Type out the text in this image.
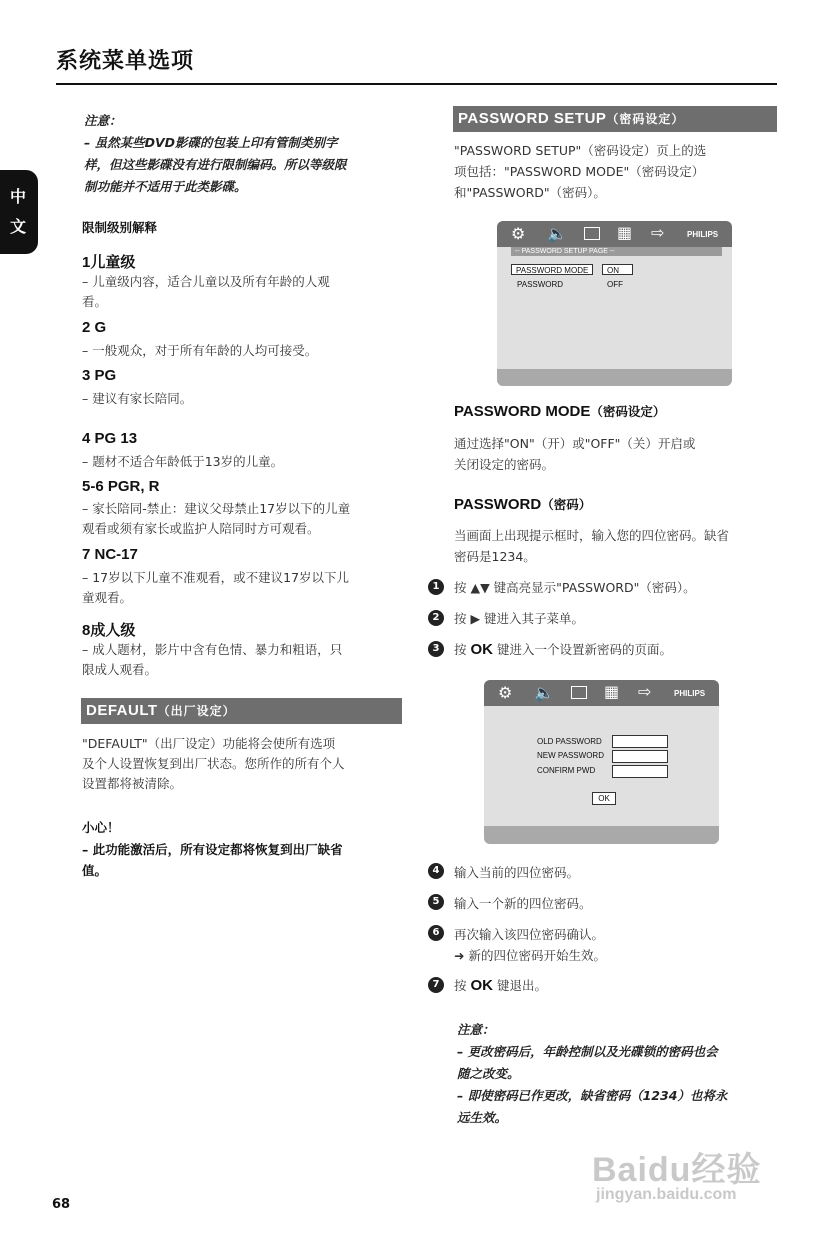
系统菜单选项
中
文
注意：
– 虽然某些DVD影碟的包装上印有管制类别字
样，但这些影碟没有进行限制编码。所以等级限
制功能并不适用于此类影碟。
限制级别解释
1儿童级
– 儿童级内容，适合儿童以及所有年龄的人观
看。
2 G
– 一般观众，对于所有年龄的人均可接受。
3 PG
– 建议有家长陪同。
4 PG 13
– 题材不适合年龄低于13岁的儿童。
5-6 PGR, R
– 家长陪同-禁止：建议父母禁止17岁以下的儿童
观看或须有家长或监护人陪同时方可观看。
7 NC-17
– 17岁以下儿童不准观看，或不建议17岁以下儿
童观看。
8成人级
– 成人题材，影片中含有色情、暴力和粗语，只
限成人观看。
DEFAULT（出厂设定）
"DEFAULT"（出厂设定）功能将会使所有选项
及个人设置恢复到出厂状态。您所作的所有个人
设置都将被清除。
小心！
– 此功能激活后，所有设定都将恢复到出厂缺省
值。
PASSWORD SETUP（密码设定）
"PASSWORD SETUP"（密码设定）页上的选
项包括："PASSWORD MODE"（密码设定）
和"PASSWORD"（密码）。
⚙ 🔈	▦ ⇨	PHILIPS
-- PASSWORD SETUP PAGE --
PASSWORD MODE	ON
PASSWORD	OFF
PASSWORD MODE（密码设定）
通过选择"ON"（开）或"OFF"（关）开启或
关闭设定的密码。
PASSWORD（密码）
当画面上出现提示框时，输入您的四位密码。缺省
密码是1234。
1	按 ▲▼ 键高亮显示"PASSWORD"（密码）。
2	按 ▶ 键进入其子菜单。
3	按 OK 键进入一个设置新密码的页面。
⚙ 🔈	▦ ⇨	PHILIPS
OLD PASSWORD
NEW PASSWORD
CONFIRM PWD
OK
4	输入当前的四位密码。
5	输入一个新的四位密码。
6	再次输入该四位密码确认。
➜ 新的四位密码开始生效。
7	按 OK 键退出。
注意：
– 更改密码后，年龄控制以及光碟锁的密码也会
随之改变。
– 即使密码已作更改，缺省密码（1234）也将永
远生效。
Baidu经验
jingyan.baidu.com
68
